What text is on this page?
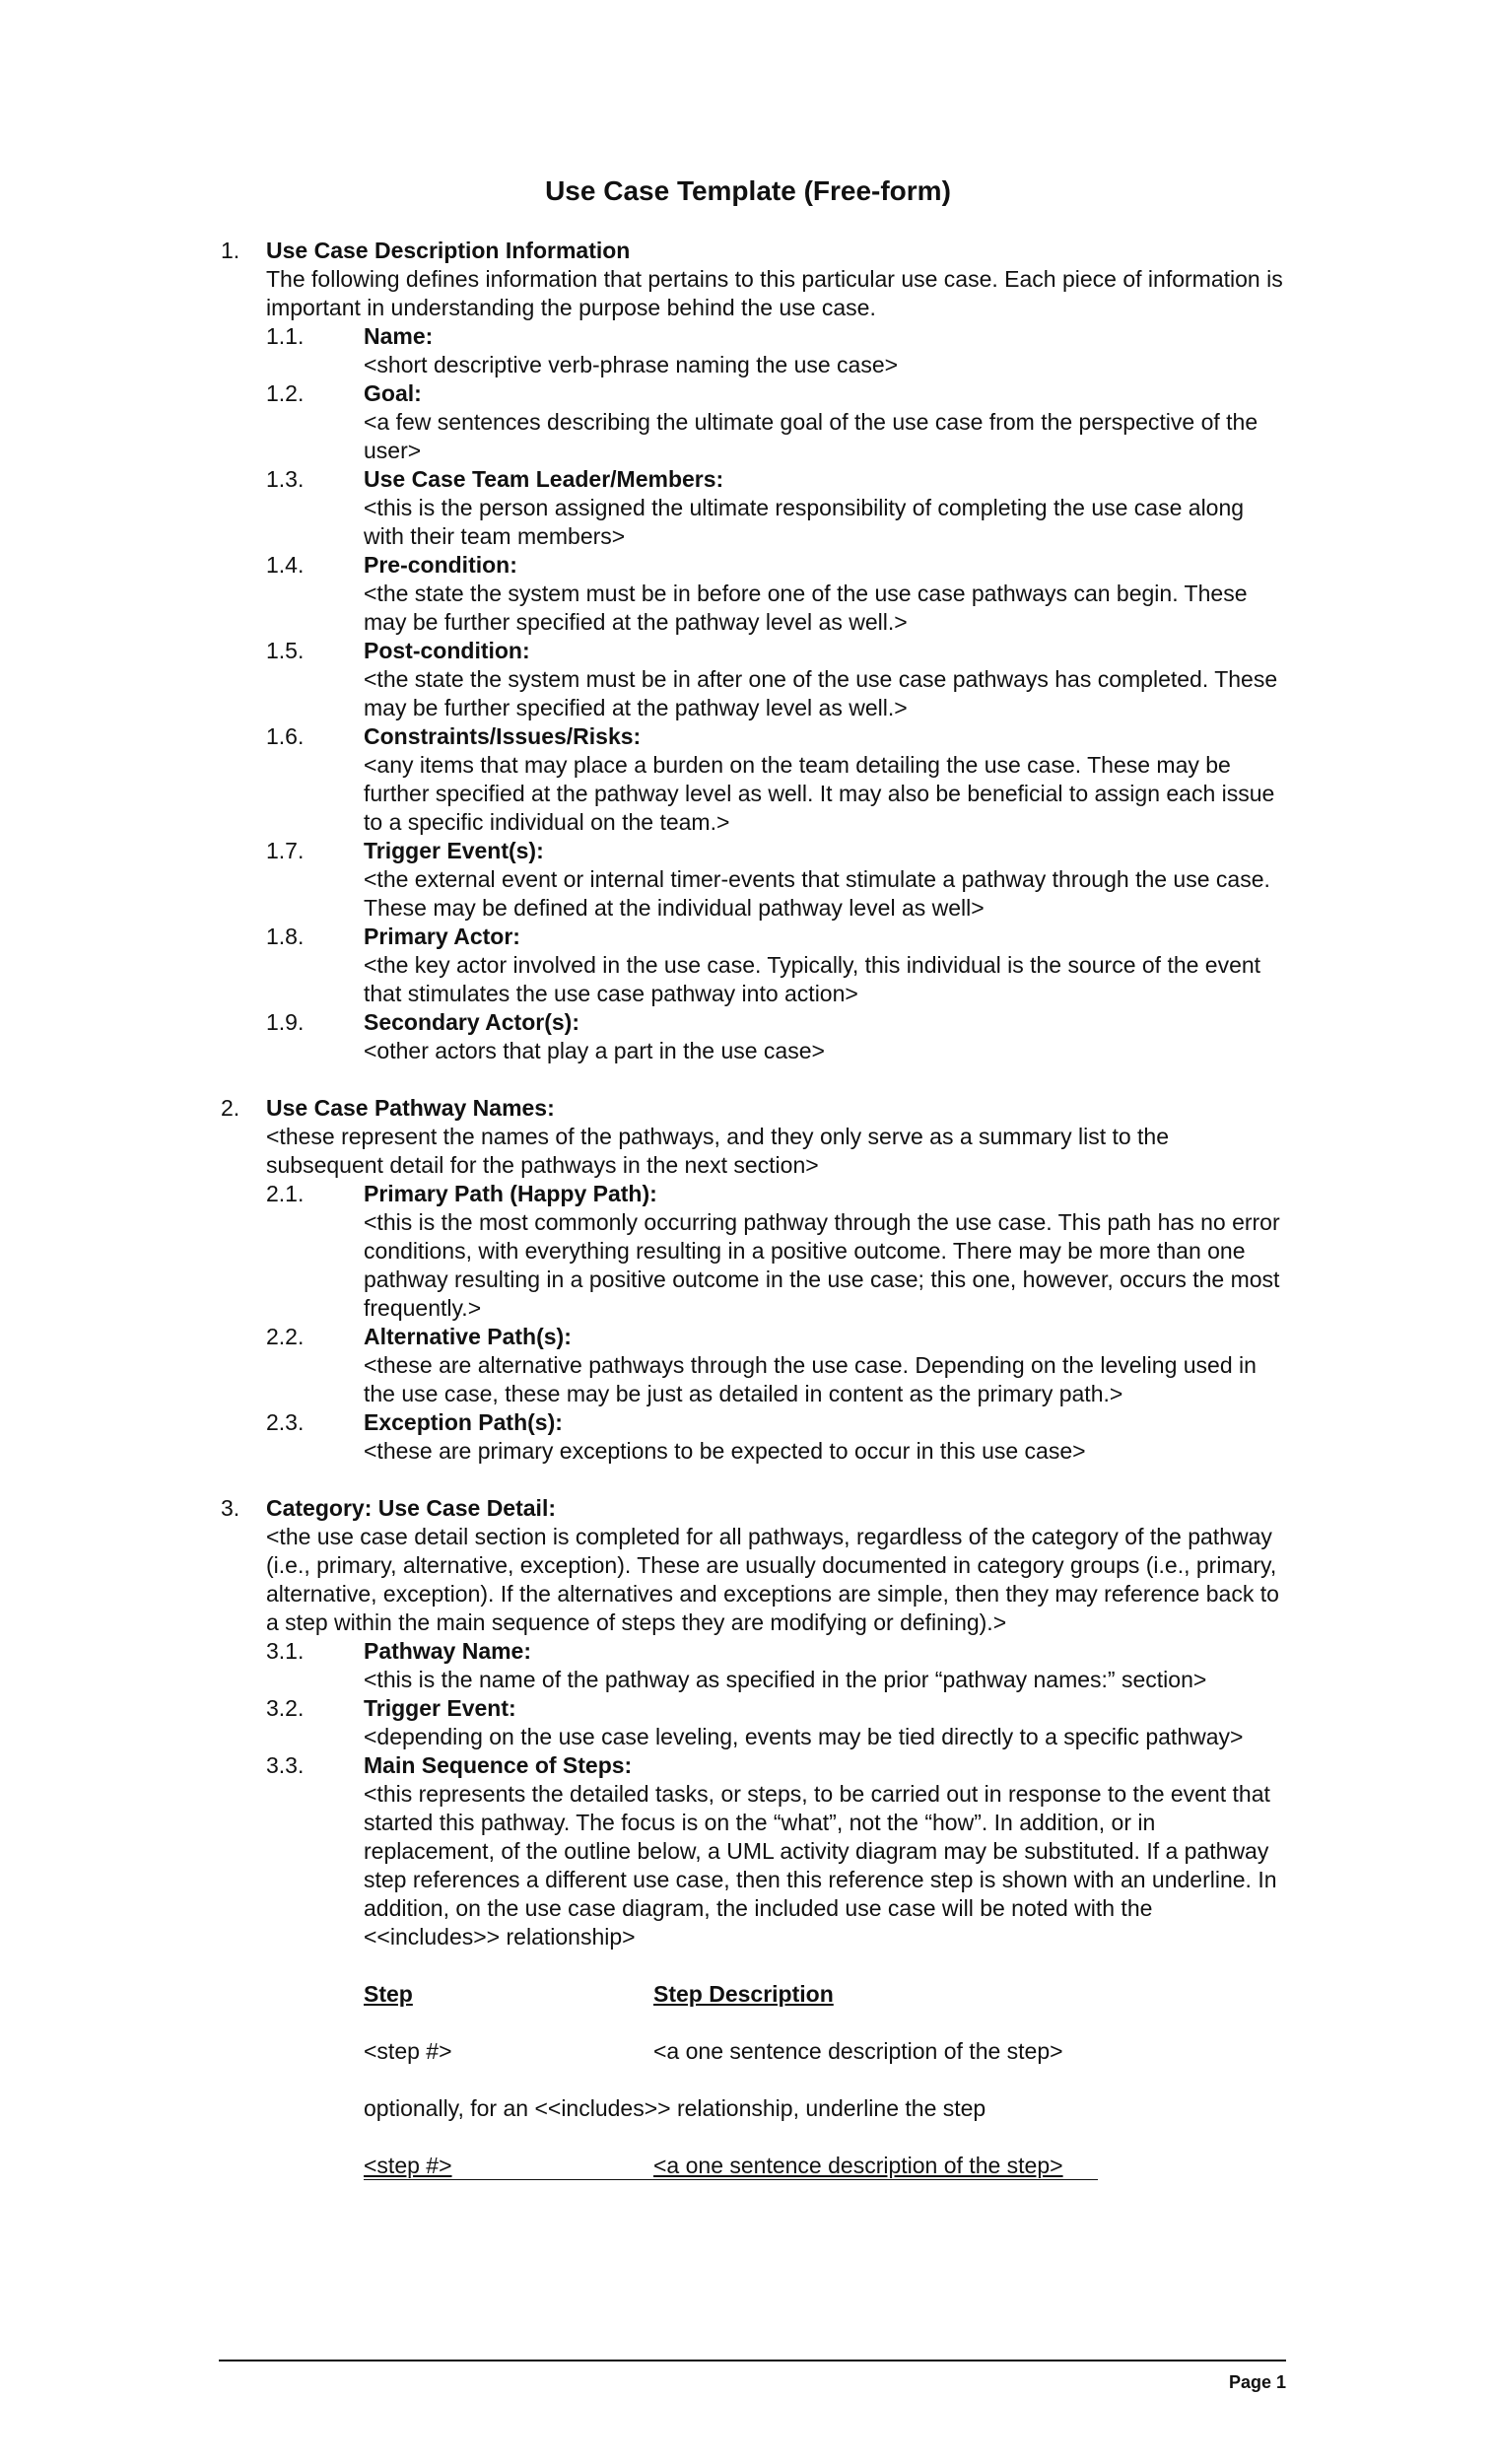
Use Case Template (Free-form)
1. Use Case Description Information
The following defines information that pertains to this particular use case. Each piece of information is important in understanding the purpose behind the use case.
1.1.	Name:
<short descriptive verb-phrase naming the use case>
1.2.	Goal:
<a few sentences describing the ultimate goal of the use case from the perspective of the user>
1.3.	Use Case Team Leader/Members:
<this is the person assigned the ultimate responsibility of completing the use case along with their team members>
1.4.	Pre-condition:
<the state the system must be in before one of the use case pathways can begin. These may be further specified at the pathway level as well.>
1.5.	Post-condition:
<the state the system must be in after one of the use case pathways has completed. These may be further specified at the pathway level as well.>
1.6.	Constraints/Issues/Risks:
<any items that may place a burden on the team detailing the use case. These may be further specified at the pathway level as well. It may also be beneficial to assign each issue to a specific individual on the team.>
1.7.	Trigger Event(s):
<the external event or internal timer-events that stimulate a pathway through the use case. These may be defined at the individual pathway level as well>
1.8.	Primary Actor:
<the key actor involved in the use case. Typically, this individual is the source of the event that stimulates the use case pathway into action>
1.9.	Secondary Actor(s):
<other actors that play a part in the use case>
2. Use Case Pathway Names:
<these represent the names of the pathways, and they only serve as a summary list to the subsequent detail for the pathways in the next section>
2.1.	Primary Path (Happy Path):
<this is the most commonly occurring pathway through the use case. This path has no error conditions, with everything resulting in a positive outcome. There may be more than one pathway resulting in a positive outcome in the use case; this one, however, occurs the most frequently.>
2.2.	Alternative Path(s):
<these are alternative pathways through the use case. Depending on the leveling used in the use case, these may be just as detailed in content as the primary path.>
2.3.	Exception Path(s):
<these are primary exceptions to be expected to occur in this use case>
3. Category: Use Case Detail:
<the use case detail section is completed for all pathways, regardless of the category of the pathway (i.e., primary, alternative, exception). These are usually documented in category groups (i.e., primary, alternative, exception). If the alternatives and exceptions are simple, then they may reference back to a step within the main sequence of steps they are modifying or defining).>
3.1.	Pathway Name:
<this is the name of the pathway as specified in the prior “pathway names:” section>
3.2.	Trigger Event:
<depending on the use case leveling, events may be tied directly to a specific pathway>
3.3.	Main Sequence of Steps:
<this represents the detailed tasks, or steps, to be carried out in response to the event that started this pathway. The focus is on the “what”, not the “how”. In addition, or in replacement, of the outline below, a UML activity diagram may be substituted. If a pathway step references a different use case, then this reference step is shown with an underline. In addition, on the use case diagram, the included use case will be noted with the <<includes>> relationship>
Step	Step Description
<step #>	<a one sentence description of the step>
optionally, for an <<includes>> relationship, underline the step
<step #>	<a one sentence description of the step>
Page 1
